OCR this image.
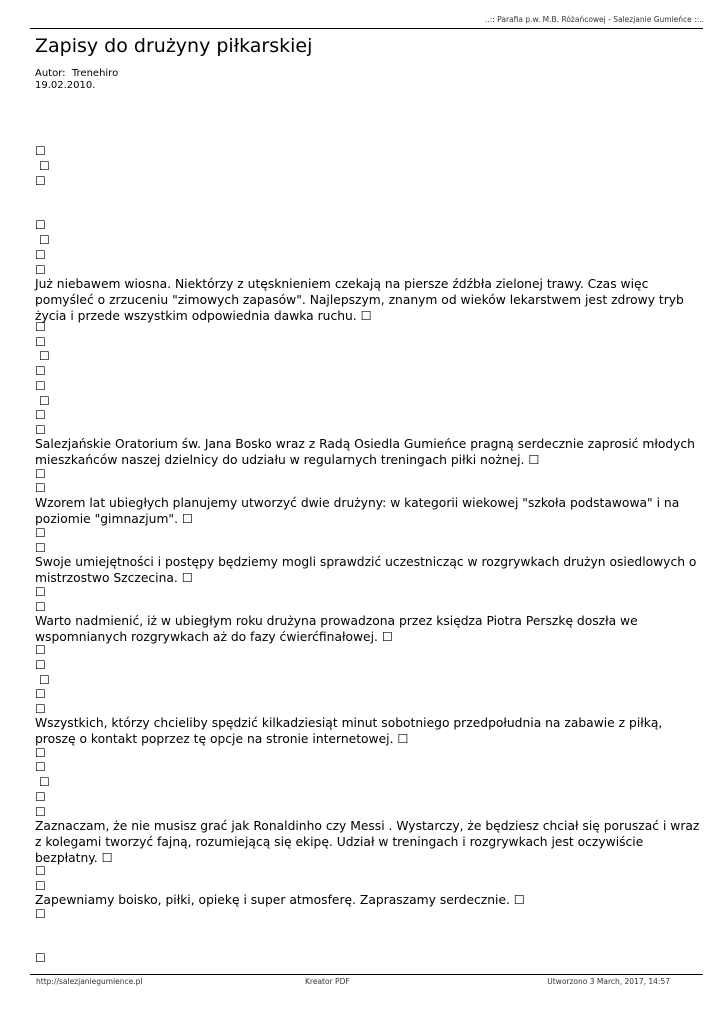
..:: Parafia p.w. M.B. Różańcowej - Salezjanie Gumieńce ::..
Zapisy do drużyny piłkarskiej
Autor: Trenehiro
19.02.2010.
☐
☐
☐
☐
☐
☐
☐
Już niebawem wiosna. Niektórzy z utęsknieniem czekają na piersze źdźbła zielonej trawy. Czas więc pomyśleć o zrzuceniu "zimowych zapasów". Najlepszym, znanym od wieków lekarstwem jest zdrowy tryb życia i przede wszystkim odpowiednia dawka ruchu. ☐
☐
☐
☐
☐
☐
☐
☐
☐
Salezjańskie Oratorium św. Jana Bosko wraz z Radą Osiedla Gumieńce pragną serdecznie zaprosić młodych mieszkańców naszej dzielnicy do udziału w regularnych treningach piłki nożnej. ☐
☐
☐
Wzorem lat ubiegłych planujemy utworzyć dwie drużyny: w kategorii wiekowej "szkoła podstawowa" i na poziomie "gimnazjum". ☐
☐
☐
Swoje umiejętności i postępy będziemy mogli sprawdzić uczestnicząc w rozgrywkach drużyn osiedlowych o mistrzostwo Szczecina. ☐
☐
☐
Warto nadmienić, iż w ubiegłym roku drużyna prowadzona przez księdza Piotra Perszkę doszła we wspomnianych rozgrywkach aż do fazy ćwierćfinałowej. ☐
☐
☐
☐
☐
☐
Wszystkich, którzy chcieliby spędzić kilkadziesiąt minut sobotniego przedpołudnia na zabawie z piłką, proszę o kontakt poprzez tę opcje na stronie internetowej. ☐
☐
☐
☐
☐
☐
Zaznaczam, że nie musisz grać jak Ronaldinho czy Messi . Wystarczy, że będziesz chciał się poruszać i wraz z kolegami tworzyć fajną, rozumiejącą się ekipę. Udział w treningach i rozgrywkach jest oczywiście bezpłatny. ☐
☐
☐
Zapewniamy boisko, piłki, opiekę i super atmosferę. Zapraszamy serdecznie. ☐
☐
☐
http://salezjaniegumience.pl	Kreator PDF	Utworzono 3 March, 2017, 14:57
